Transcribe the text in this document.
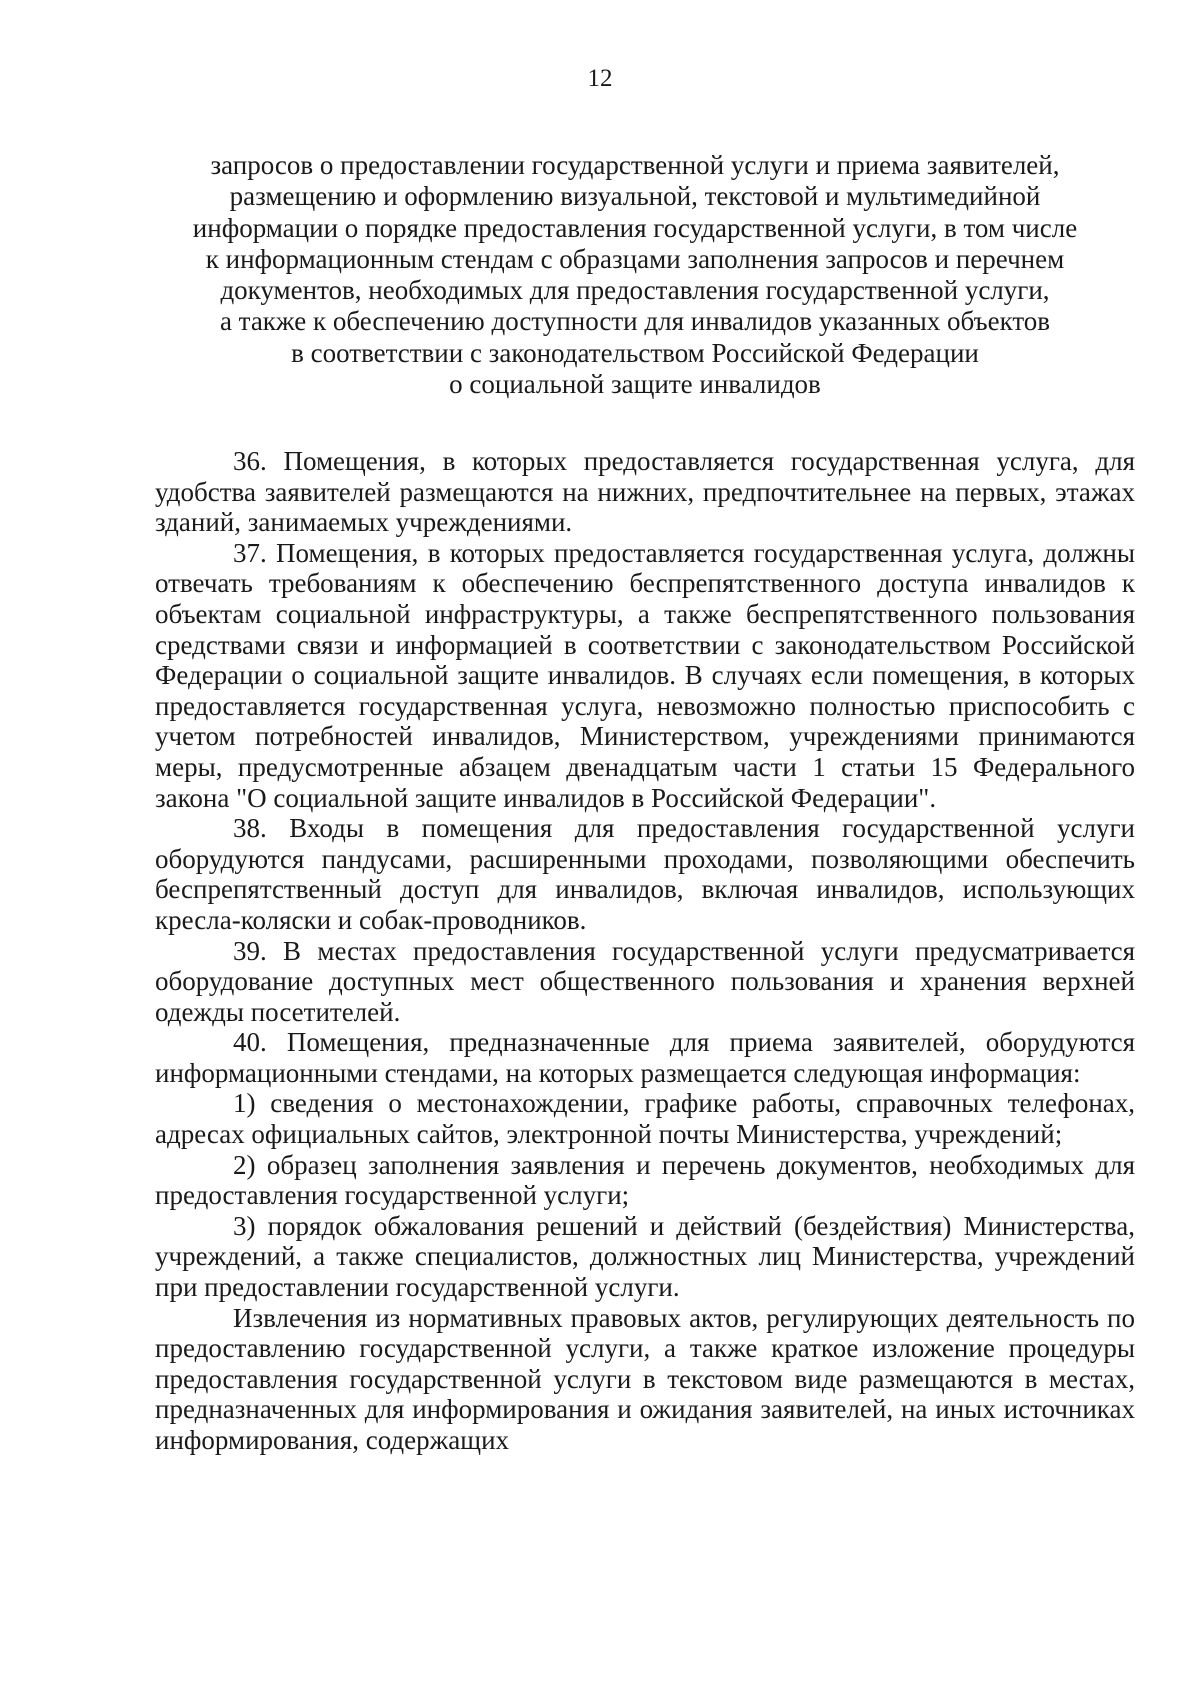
12
запросов о предоставлении государственной услуги и приема заявителей,
размещению и оформлению визуальной, текстовой и мультимедийной
информации о порядке предоставления государственной услуги, в том числе
к информационным стендам с образцами заполнения запросов и перечнем
документов, необходимых для предоставления государственной услуги,
а также к обеспечению доступности для инвалидов указанных объектов
в соответствии с законодательством Российской Федерации
о социальной защите инвалидов

36. Помещения, в которых предоставляется государственная услуга, для удобства заявителей размещаются на нижних, предпочтительнее на первых, этажах зданий, занимаемых учреждениями.

37. Помещения, в которых предоставляется государственная услуга, должны отвечать требованиям к обеспечению беспрепятственного доступа инвалидов к объектам социальной инфраструктуры, а также беспрепятственного пользования средствами связи и информацией в соответствии с законодательством Российской Федерации о социальной защите инвалидов. В случаях если помещения, в которых предоставляется государственная услуга, невозможно полностью приспособить с учетом потребностей инвалидов, Министерством, учреждениями принимаются меры, предусмотренные абзацем двенадцатым части 1 статьи 15 Федерального закона "О социальной защите инвалидов в Российской Федерации".

38. Входы в помещения для предоставления государственной услуги оборудуются пандусами, расширенными проходами, позволяющими обеспечить беспрепятственный доступ для инвалидов, включая инвалидов, использующих кресла-коляски и собак-проводников.

39. В местах предоставления государственной услуги предусматривается оборудование доступных мест общественного пользования и хранения верхней одежды посетителей.

40. Помещения, предназначенные для приема заявителей, оборудуются информационными стендами, на которых размещается следующая информация:

1) сведения о местонахождении, графике работы, справочных телефонах, адресах официальных сайтов, электронной почты Министерства, учреждений;

2) образец заполнения заявления и перечень документов, необходимых для предоставления государственной услуги;

3) порядок обжалования решений и действий (бездействия) Министерства, учреждений, а также специалистов, должностных лиц Министерства, учреждений при предоставлении государственной услуги.

Извлечения из нормативных правовых актов, регулирующих деятельность по предоставлению государственной услуги, а также краткое изложение процедуры предоставления государственной услуги в текстовом виде размещаются в местах, предназначенных для информирования и ожидания заявителей, на иных источниках информирования, содержащих
